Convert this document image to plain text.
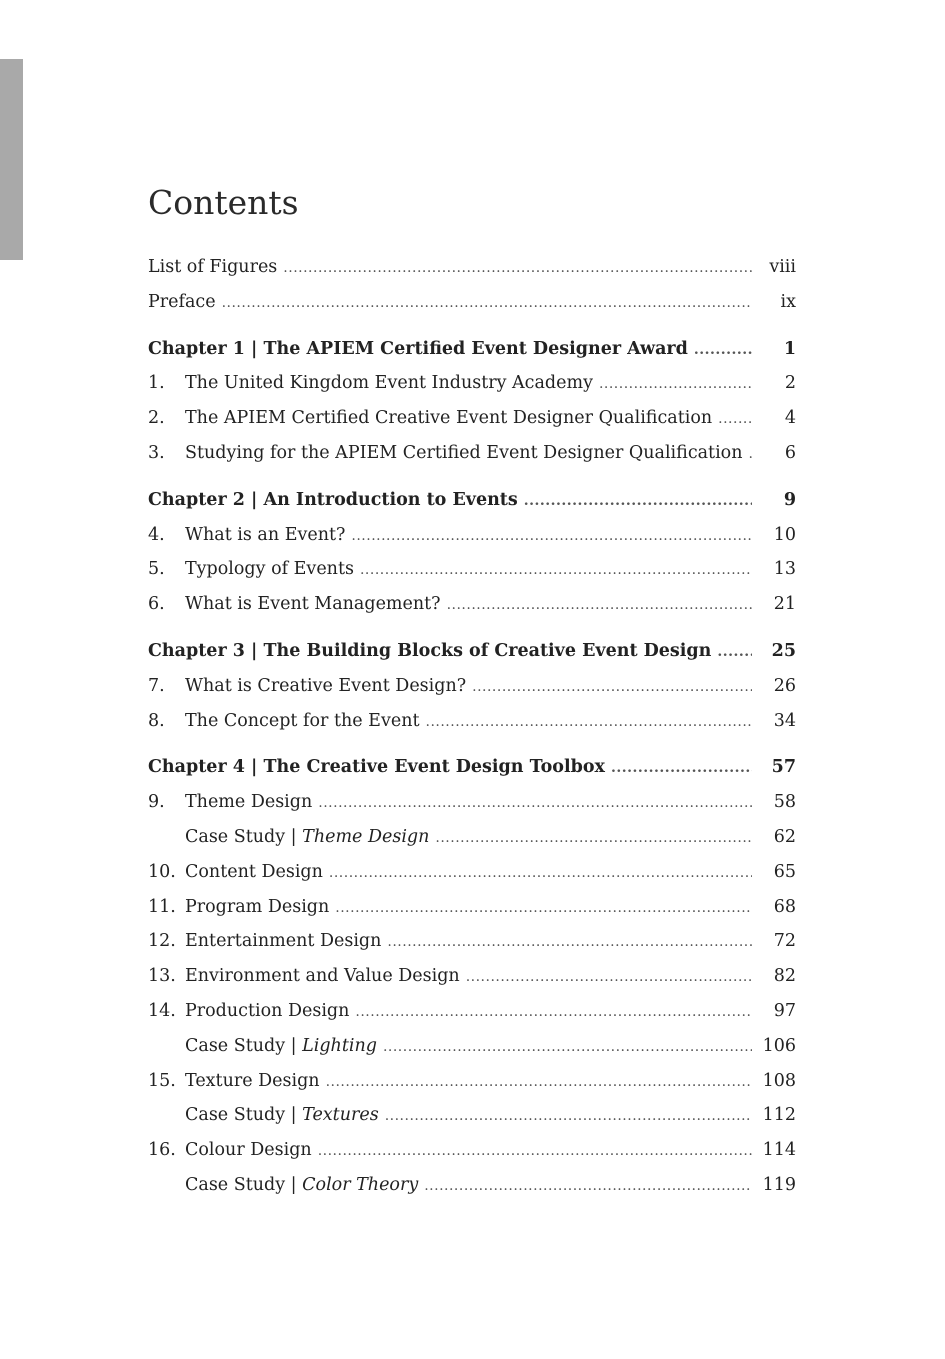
Contents
List of Figures .....	viii
Preface .....	ix
Chapter 1 | The APIEM Certified Event Designer Award .....	1
1.	The United Kingdom Event Industry Academy .....	2
2.	The APIEM Certified Creative Event Designer Qualification .....	4
3.	Studying for the APIEM Certified Event Designer Qualification .....	6
Chapter 2 | An Introduction to Events .....	9
4.	What is an Event? .....	10
5.	Typology of Events .....	13
6.	What is Event Management? .....	21
Chapter 3 | The Building Blocks of Creative Event Design .....	25
7.	What is Creative Event Design? .....	26
8.	The Concept for the Event .....	34
Chapter 4 | The Creative Event Design Toolbox .....	57
9.	Theme Design .....	58
Case Study | Theme Design .....	62
10. Content Design .....	65
11. Program Design .....	68
12. Entertainment Design .....	72
13. Environment and Value Design .....	82
14. Production Design .....	97
Case Study | Lighting .....	106
15. Texture Design .....	108
Case Study | Textures .....	112
16. Colour Design .....	114
Case Study | Color Theory .....	119
